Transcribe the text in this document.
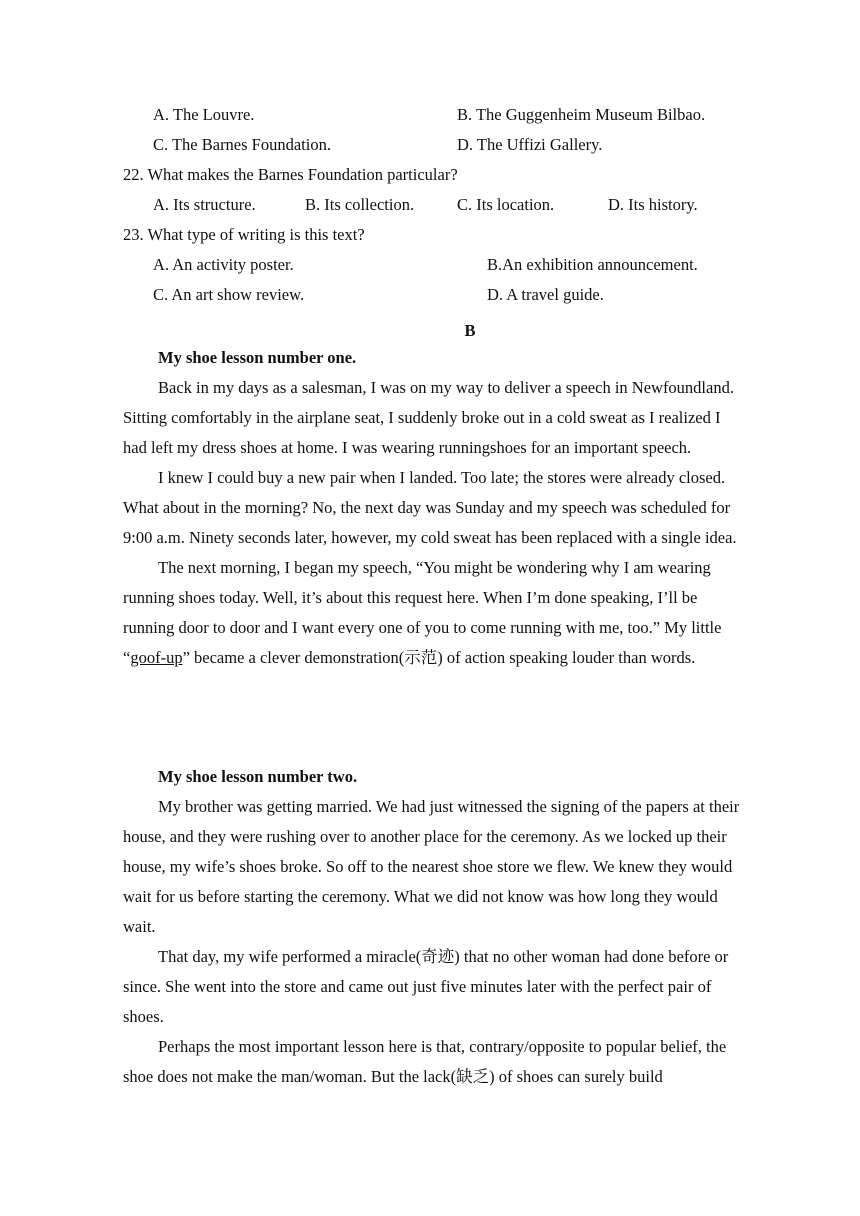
A. The Louvre.	B. The Guggenheim Museum Bilbao.
C. The Barnes Foundation.	D. The Uffizi Gallery.
22. What makes the Barnes Foundation particular?
A. Its structure.	B. Its collection.	C. Its location.	D. Its history.
23. What type of writing is this text?
A. An activity poster.	B.An exhibition announcement.
C. An art show review.	D. A travel guide.
B
My shoe lesson number one.

Back in my days as a salesman, I was on my way to deliver a speech in Newfoundland. Sitting comfortably in the airplane seat, I suddenly broke out in a cold sweat as I realized I had left my dress shoes at home. I was wearing runningshoes for an important speech.

I knew I could buy a new pair when I landed. Too late; the stores were already closed. What about in the morning? No, the next day was Sunday and my speech was scheduled for 9:00 a.m. Ninety seconds later, however, my cold sweat has been replaced with a single idea.

The next morning, I began my speech, “You might be wondering why I am wearing running shoes today. Well, it’s about this request here. When I’m done speaking, I’ll be running door to door and I want every one of you to come running with me, too.” My little “goof-up” became a clever demonstration(示范) of action speaking louder than words.

My shoe lesson number two.

My brother was getting married. We had just witnessed the signing of the papers at their house, and they were rushing over to another place for the ceremony. As we locked up their house, my wife’s shoes broke. So off to the nearest shoe store we flew. We knew they would wait for us before starting the ceremony. What we did not know was how long they would wait.

That day, my wife performed a miracle(奇迹) that no other woman had done before or since. She went into the store and came out just five minutes later with the perfect pair of shoes.

Perhaps the most important lesson here is that, contrary/opposite to popular belief, the shoe does not make the man/woman. But the lack(缺乏) of shoes can surely build
